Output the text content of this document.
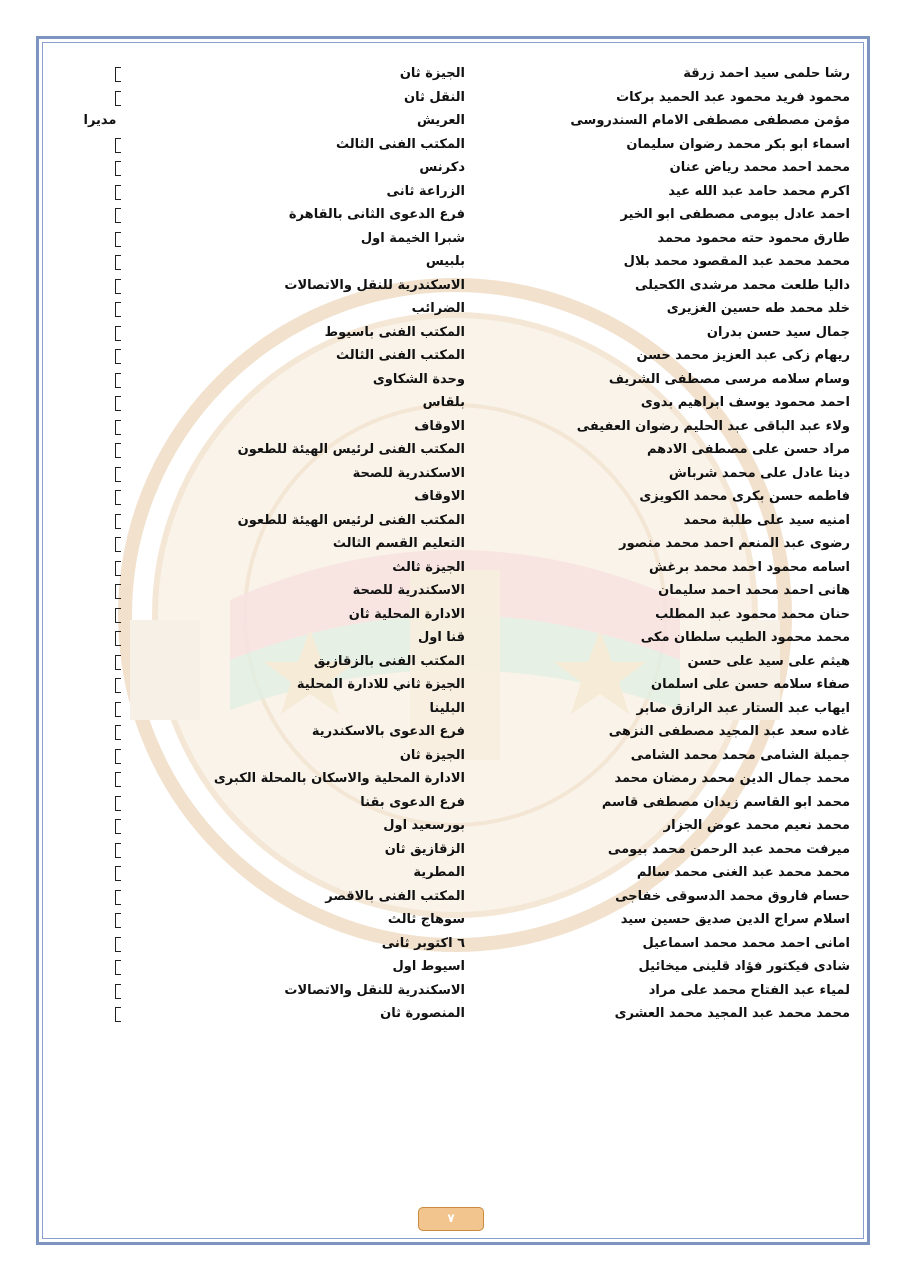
رشا حلمى سيد احمد زرقة
الجيزة ثان
محمود فريد محمود عبد الحميد بركات
النقل ثان
مؤمن مصطفى مصطفى الامام السندروسى
العريش
مديرا
اسماء ابو بكر محمد رضوان سليمان
المكتب الفنى الثالث
محمد احمد محمد رياض عنان
دكرنس
اكرم محمد حامد عبد الله عيد
الزراعة ثانى
احمد عادل بيومى مصطفى ابو الخير
فرع الدعوى الثانى بالقاهرة
طارق محمود حته محمود محمد
شبرا الخيمة اول
محمد محمد عبد المقصود محمد بلال
بلبيس
داليا طلعت محمد مرشدى الكحيلى
الاسكندرية للنقل والاتصالات
خلد محمد طه حسين الغزيرى
الضرائب
جمال سيد حسن بدران
المكتب الفنى باسيوط
ريهام زكى عبد العزيز محمد حسن
المكتب الفنى الثالث
وسام سلامه مرسى مصطفى الشريف
وحدة الشكاوى
احمد محمود يوسف ابراهيم بدوى
بلقاس
ولاء عبد الباقى عبد الحليم رضوان العفيفى
الاوقاف
مراد حسن على مصطفى الادهم
المكتب الفنى لرئيس الهيئة للطعون
دينا عادل على محمد شرباش
الاسكندرية للصحة
فاطمه حسن بكرى محمد الكويزى
الاوقاف
امنيه سيد على طلبة محمد
المكتب الفنى لرئيس الهيئة للطعون
رضوى عبد المنعم احمد محمد منصور
التعليم القسم الثالث
اسامه محمود احمد محمد برغش
الجيزة ثالث
هانى احمد محمد احمد سليمان
الاسكندرية للصحة
حنان محمد محمود عبد المطلب
الادارة المحلية ثان
محمد محمود الطيب سلطان مكى
قنا اول
هيثم على سيد على حسن
المكتب الفنى بالزقازيق
صفاء سلامه حسن على اسلمان
الجيزة ثاني للادارة المحلية
ايهاب عبد الستار عبد الرازق صابر
البلينا
غاده سعد عبد المجيد مصطفى النزهى
فرع الدعوى بالاسكندرية
جميلة الشامى محمد محمد الشامى
الجيزة ثان
محمد جمال الدين محمد رمضان محمد
الادارة المحلية والاسكان بالمحلة الكبرى
محمد ابو القاسم زيدان مصطفى قاسم
فرع الدعوى بقنا
محمد نعيم محمد عوض الجزار
بورسعيد اول
ميرفت محمد عبد الرحمن محمد بيومى
الزقازيق ثان
محمد محمد عبد الغنى محمد سالم
المطرية
حسام فاروق محمد الدسوقى خفاجى
المكتب الفنى بالاقصر
اسلام سراج الدين صديق حسين سيد
سوهاج ثالث
امانى احمد محمد محمد اسماعيل
٦ اكتوبر ثانى
شادى فيكتور فؤاد قلينى ميخائيل
اسيوط اول
لمياء عبد الفتاح محمد على مراد
الاسكندرية للنقل والاتصالات
محمد محمد عبد المجيد محمد العشرى
المنصورة ثان
٧
